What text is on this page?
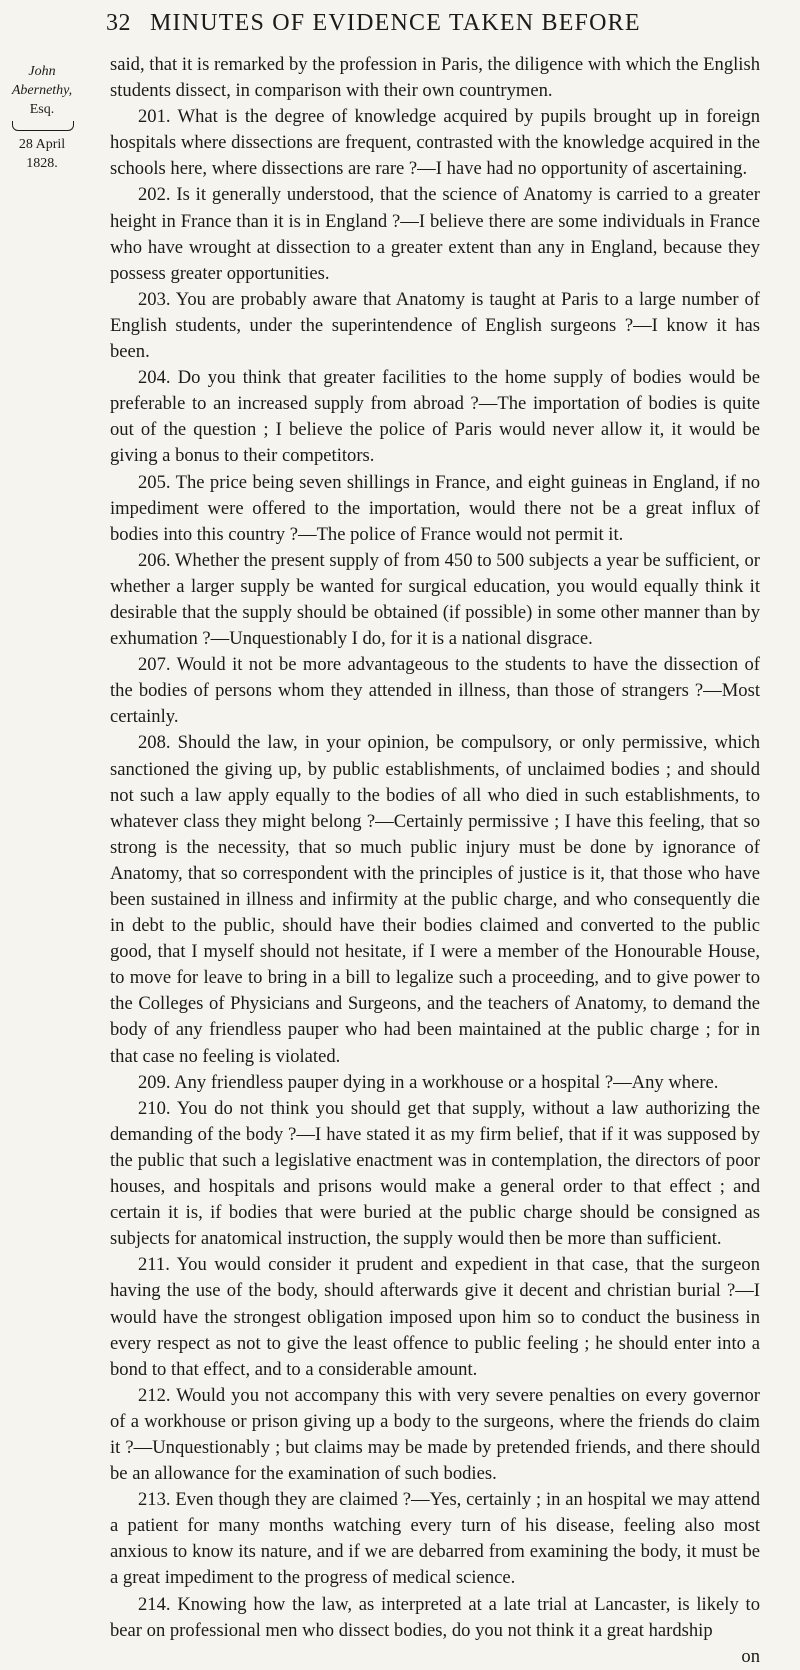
32 MINUTES OF EVIDENCE TAKEN BEFORE
John Abernethy,
Esq.
28 April
1828.

said, that it is remarked by the profession in Paris, the diligence with which the English students dissect, in comparison with their own countrymen.

201. What is the degree of knowledge acquired by pupils brought up in foreign hospitals where dissections are frequent, contrasted with the knowledge acquired in the schools here, where dissections are rare ?—I have had no opportunity of ascertaining.

202. Is it generally understood, that the science of Anatomy is carried to a greater height in France than it is in England ?—I believe there are some individuals in France who have wrought at dissection to a greater extent than any in England, because they possess greater opportunities.

203. You are probably aware that Anatomy is taught at Paris to a large number of English students, under the superintendence of English surgeons ?—I know it has been.

204. Do you think that greater facilities to the home supply of bodies would be preferable to an increased supply from abroad ?—The importation of bodies is quite out of the question ; I believe the police of Paris would never allow it, it would be giving a bonus to their competitors.

205. The price being seven shillings in France, and eight guineas in England, if no impediment were offered to the importation, would there not be a great influx of bodies into this country ?—The police of France would not permit it.

206. Whether the present supply of from 450 to 500 subjects a year be sufficient, or whether a larger supply be wanted for surgical education, you would equally think it desirable that the supply should be obtained (if possible) in some other manner than by exhumation ?—Unquestionably I do, for it is a national disgrace.

207. Would it not be more advantageous to the students to have the dissection of the bodies of persons whom they attended in illness, than those of strangers ?—Most certainly.

208. Should the law, in your opinion, be compulsory, or only permissive, which sanctioned the giving up, by public establishments, of unclaimed bodies ; and should not such a law apply equally to the bodies of all who died in such establishments, to whatever class they might belong ?—Certainly permissive ; I have this feeling, that so strong is the necessity, that so much public injury must be done by ignorance of Anatomy, that so correspondent with the principles of justice is it, that those who have been sustained in illness and infirmity at the public charge, and who consequently die in debt to the public, should have their bodies claimed and converted to the public good, that I myself should not hesitate, if I were a member of the Honourable House, to move for leave to bring in a bill to legalize such a proceeding, and to give power to the Colleges of Physicians and Surgeons, and the teachers of Anatomy, to demand the body of any friendless pauper who had been maintained at the public charge ; for in that case no feeling is violated.

209. Any friendless pauper dying in a workhouse or a hospital ?—Any where.

210. You do not think you should get that supply, without a law authorizing the demanding of the body ?—I have stated it as my firm belief, that if it was supposed by the public that such a legislative enactment was in contemplation, the directors of poor houses, and hospitals and prisons would make a general order to that effect ; and certain it is, if bodies that were buried at the public charge should be consigned as subjects for anatomical instruction, the supply would then be more than sufficient.

211. You would consider it prudent and expedient in that case, that the surgeon having the use of the body, should afterwards give it decent and christian burial ?—I would have the strongest obligation imposed upon him so to conduct the business in every respect as not to give the least offence to public feeling ; he should enter into a bond to that effect, and to a considerable amount.

212. Would you not accompany this with very severe penalties on every governor of a workhouse or prison giving up a body to the surgeons, where the friends do claim it ?—Unquestionably ; but claims may be made by pretended friends, and there should be an allowance for the examination of such bodies.

213. Even though they are claimed ?—Yes, certainly ; in an hospital we may attend a patient for many months watching every turn of his disease, feeling also most anxious to know its nature, and if we are debarred from examining the body, it must be a great impediment to the progress of medical science.

214. Knowing how the law, as interpreted at a late trial at Lancaster, is likely to bear on professional men who dissect bodies, do you not think it a great hardship

on
